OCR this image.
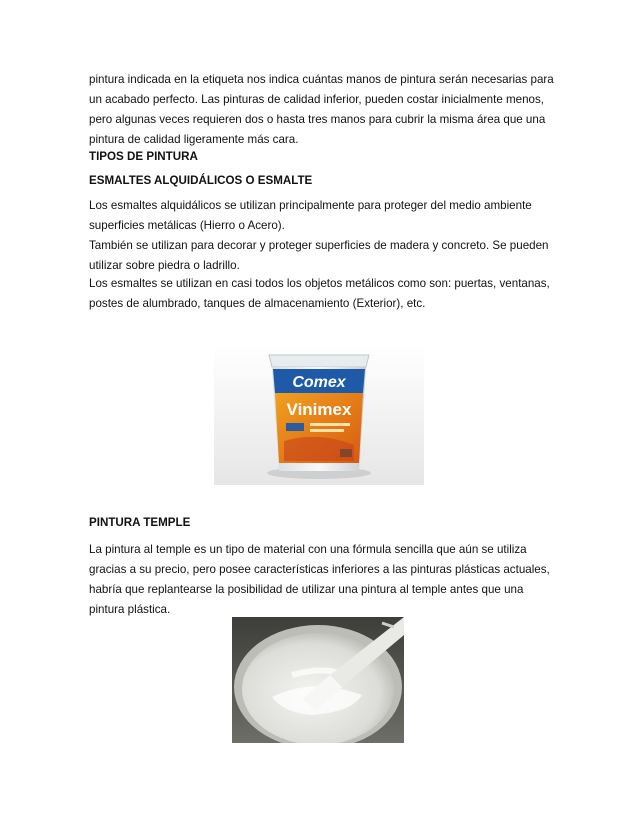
pintura indicada en la etiqueta nos indica cuántas manos de pintura serán necesarias para
un acabado perfecto. Las pinturas de calidad inferior, pueden costar inicialmente menos,
pero algunas veces requieren dos o hasta tres manos para cubrir la misma área que una
pintura de calidad ligeramente más cara.
TIPOS DE PINTURA
ESMALTES ALQUIDÁLICOS O ESMALTE
Los esmaltes alquidálicos se utilizan principalmente para proteger del medio ambiente
superficies metálicas (Hierro o Acero).
También se utilizan para decorar y proteger superficies de madera y concreto. Se pueden
utilizar sobre piedra o ladrillo.
Los esmaltes se utilizan en casi todos los objetos metálicos como son: puertas, ventanas,
postes de alumbrado, tanques de almacenamiento (Exterior), etc.
Comex
Vinimex
PINTURA TEMPLE
La pintura al temple es un tipo de material con una fórmula sencilla que aún se utiliza
gracias a su precio, pero posee características inferiores a las pinturas plásticas actuales,
habría que replantearse la posibilidad de utilizar una pintura al temple antes que una
pintura plástica.
